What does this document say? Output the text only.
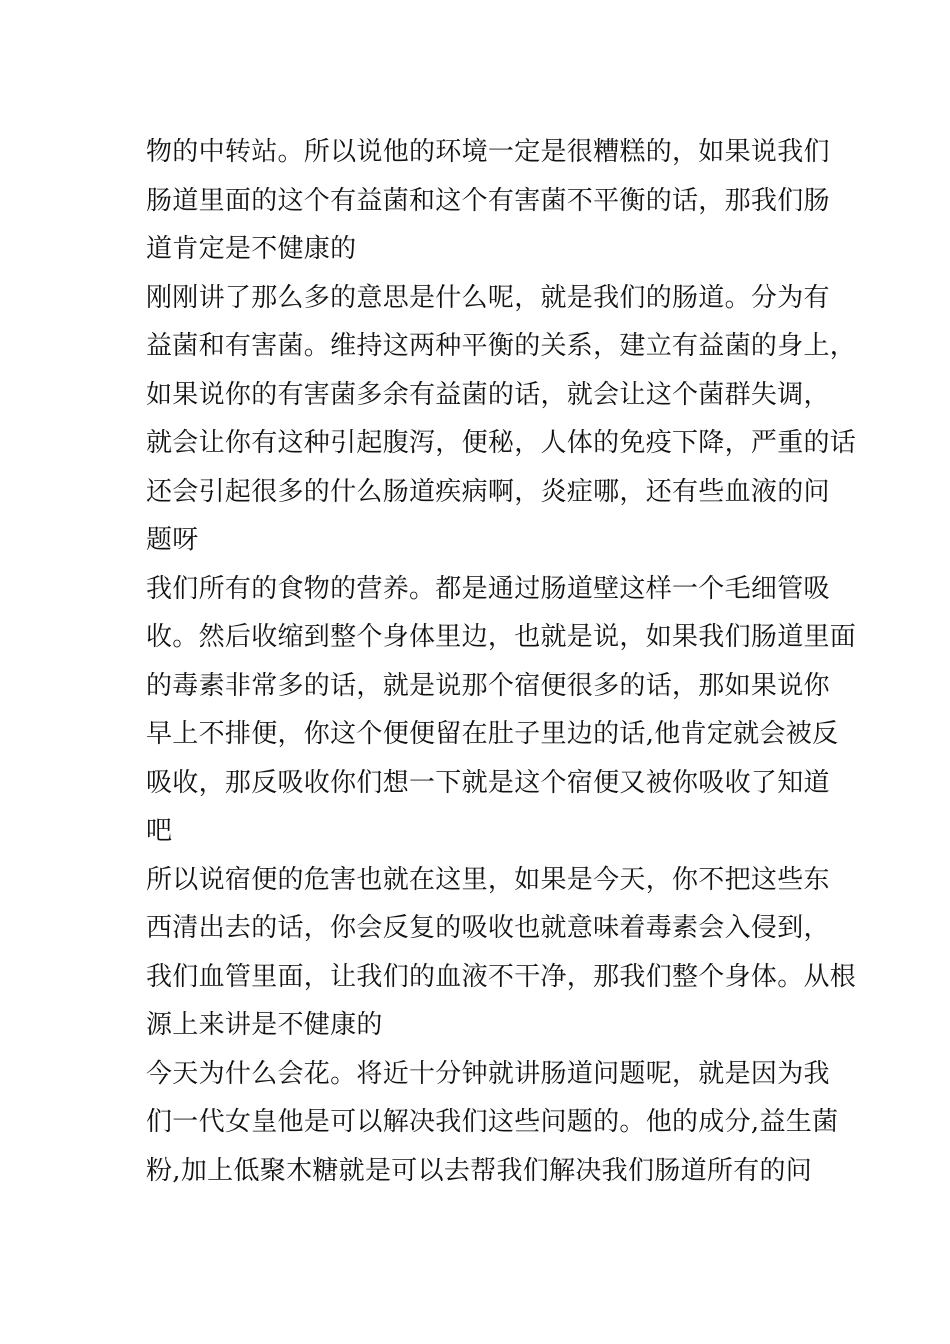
物的中转站。所以说他的环境一定是很糟糕的，如果说我们
肠道里面的这个有益菌和这个有害菌不平衡的话，那我们肠
道肯定是不健康的
刚刚讲了那么多的意思是什么呢，就是我们的肠道。分为有
益菌和有害菌。维持这两种平衡的关系，建立有益菌的身上，
如果说你的有害菌多余有益菌的话，就会让这个菌群失调，
就会让你有这种引起腹泻，便秘，人体的免疫下降，严重的话
还会引起很多的什么肠道疾病啊，炎症哪，还有些血液的问
题呀
我们所有的食物的营养。都是通过肠道壁这样一个毛细管吸
收。然后收缩到整个身体里边，也就是说，如果我们肠道里面
的毒素非常多的话，就是说那个宿便很多的话，那如果说你
早上不排便，你这个便便留在肚子里边的话,他肯定就会被反
吸收，那反吸收你们想一下就是这个宿便又被你吸收了知道
吧
所以说宿便的危害也就在这里，如果是今天，你不把这些东
西清出去的话，你会反复的吸收也就意味着毒素会入侵到，
我们血管里面，让我们的血液不干净，那我们整个身体。从根
源上来讲是不健康的
今天为什么会花。将近十分钟就讲肠道问题呢，就是因为我
们一代女皇他是可以解决我们这些问题的。他的成分,益生菌
粉,加上低聚木糖就是可以去帮我们解决我们肠道所有的问
